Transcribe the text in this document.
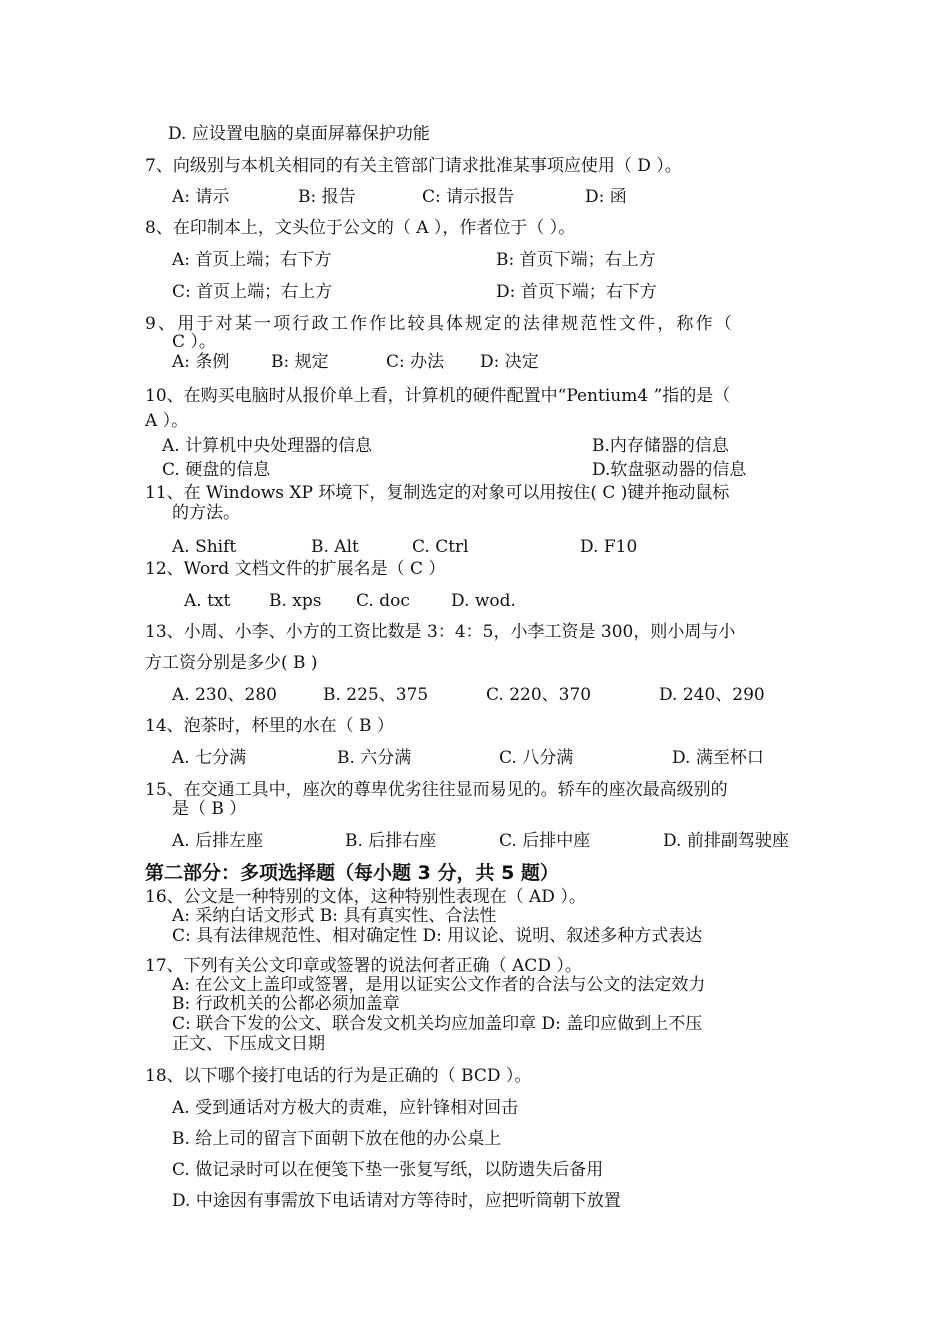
D. 应设置电脑的桌面屏幕保护功能
7、向级别与本机关相同的有关主管部门请求批准某事项应使用（ D ）。
A: 请示	B: 报告	C: 请示报告	D: 函
8、在印制本上，文头位于公文的（ A ），作者位于（ ）。
A: 首页上端；右下方	B: 首页下端；右上方
C: 首页上端；右上方	D: 首页下端；右下方
9、用于对某一项行政工作作比较具体规定的法律规范性文件，称作（
C ）。
A: 条例 B: 规定	C: 办法 D: 决定
10、在购买电脑时从报价单上看，计算机的硬件配置中“Pentium4 ”指的是（
A ）。
A. 计算机中央处理器的信息	B.内存储器的信息
C. 硬盘的信息	D.软盘驱动器的信息
11、在 Windows XP 环境下，复制选定的对象可以用按住( C )键并拖动鼠标
的方法。
A. Shift	B. Alt	C. Ctrl	D. F10
12、Word 文档文件的扩展名是（ C ）
A. txt B. xps C. doc D. wod.
13、小周、小李、小方的工资比数是 3：4：5，小李工资是 300，则小周与小
方工资分别是多少( B )
A. 230、280	B. 225、375	C. 220、370	D. 240、290
14、泡茶时，杯里的水在（ B ）
A. 七分满	B. 六分满	C. 八分满	D. 满至杯口
15、在交通工具中，座次的尊卑优劣往往显而易见的。轿车的座次最高级别的
是（ B ）
A. 后排左座	B. 后排右座	C. 后排中座	D. 前排副驾驶座
第二部分：多项选择题（每小题 3 分，共 5 题）
16、公文是一种特别的文体，这种特别性表现在（ AD ）。
A: 采纳白话文形式 B: 具有真实性、合法性
C: 具有法律规范性、相对确定性 D: 用议论、说明、叙述多种方式表达
17、下列有关公文印章或签署的说法何者正确（ ACD ）。
A: 在公文上盖印或签署，是用以证实公文作者的合法与公文的法定效力
B: 行政机关的公都必须加盖章
C: 联合下发的公文、联合发文机关均应加盖印章 D: 盖印应做到上不压
正文、下压成文日期
18、以下哪个接打电话的行为是正确的（ BCD ）。
A. 受到通话对方极大的责难，应针锋相对回击
B. 给上司的留言下面朝下放在他的办公桌上
C. 做记录时可以在便笺下垫一张复写纸，以防遗失后备用
D. 中途因有事需放下电话请对方等待时，应把听筒朝下放置
